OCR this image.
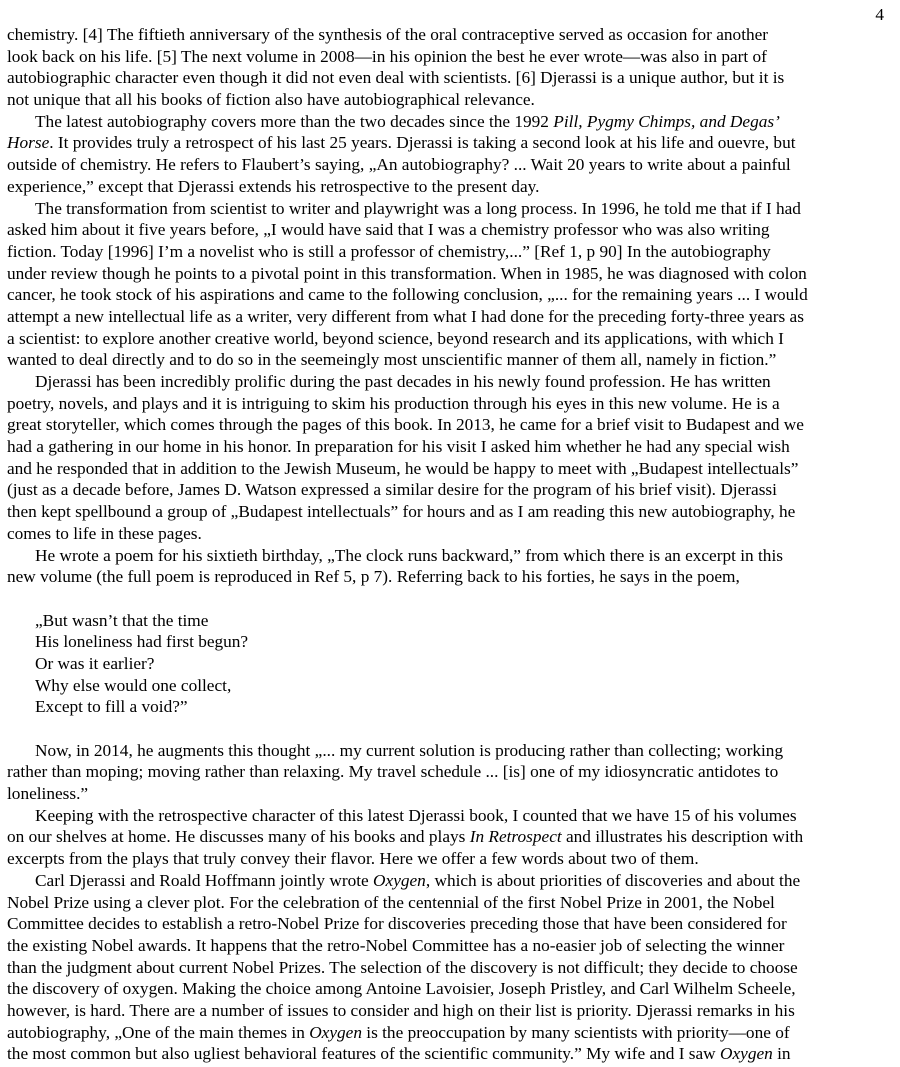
4
chemistry. [4] The fiftieth anniversary of the synthesis of the oral contraceptive served as occasion for another
look back on his life. [5] The next volume in 2008—in his opinion the best he ever wrote—was also in part of
autobiographic character even though it did not even deal with scientists. [6] Djerassi is a unique author, but it is
not unique that all his books of fiction also have autobiographical relevance.
The latest autobiography covers more than the two decades since the 1992 Pill, Pygmy Chimps, and Degas’
Horse. It provides truly a retrospect of his last 25 years. Djerassi is taking a second look at his life and ouevre, but
outside of chemistry. He refers to Flaubert’s saying, „An autobiography? ... Wait 20 years to write about a painful
experience,” except that Djerassi extends his retrospective to the present day.
The transformation from scientist to writer and playwright was a long process. In 1996, he told me that if I had
asked him about it five years before, „I would have said that I was a chemistry professor who was also writing
fiction. Today [1996] I’m a novelist who is still a professor of chemistry,...” [Ref 1, p 90] In the autobiography
under review though he points to a pivotal point in this transformation. When in 1985, he was diagnosed with colon
cancer, he took stock of his aspirations and came to the following conclusion, „... for the remaining years ... I would
attempt a new intellectual life as a writer, very different from what I had done for the preceding forty-three years as
a scientist: to explore another creative world, beyond science, beyond research and its applications, with which I
wanted to deal directly and to do so in the seemeingly most unscientific manner of them all, namely in fiction.”
Djerassi has been incredibly prolific during the past decades in his newly found profession. He has written
poetry, novels, and plays and it is intriguing to skim his production through his eyes in this new volume. He is a
great storyteller, which comes through the pages of this book. In 2013, he came for a brief visit to Budapest and we
had a gathering in our home in his honor. In preparation for his visit I asked him whether he had any special wish
and he responded that in addition to the Jewish Museum, he would be happy to meet with „Budapest intellectuals”
(just as a decade before, James D. Watson expressed a similar desire for the program of his brief visit). Djerassi
then kept spellbound a group of „Budapest intellectuals” for hours and as I am reading this new autobiography, he
comes to life in these pages.
He wrote a poem for his sixtieth birthday, „The clock runs backward,” from which there is an excerpt in this
new volume (the full poem is reproduced in Ref 5, p 7). Referring back to his forties, he says in the poem,
„But wasn’t that the time
His loneliness had first begun?
Or was it earlier?
Why else would one collect,
Except to fill a void?”
Now, in 2014, he augments this thought „... my current solution is producing rather than collecting; working
rather than moping; moving rather than relaxing. My travel schedule ... [is] one of my idiosyncratic antidotes to
loneliness.”
Keeping with the retrospective character of this latest Djerassi book, I counted that we have 15 of his volumes
on our shelves at home. He discusses many of his books and plays In Retrospect and illustrates his description with
excerpts from the plays that truly convey their flavor. Here we offer a few words about two of them.
Carl Djerassi and Roald Hoffmann jointly wrote Oxygen, which is about priorities of discoveries and about the
Nobel Prize using a clever plot. For the celebration of the centennial of the first Nobel Prize in 2001, the Nobel
Committee decides to establish a retro-Nobel Prize for discoveries preceding those that have been considered for
the existing Nobel awards. It happens that the retro-Nobel Committee has a no-easier job of selecting the winner
than the judgment about current Nobel Prizes. The selection of the discovery is not difficult; they decide to choose
the discovery of oxygen. Making the choice among Antoine Lavoisier, Joseph Pristley, and Carl Wilhelm Scheele,
however, is hard. There are a number of issues to consider and high on their list is priority. Djerassi remarks in his
autobiography, „One of the main themes in Oxygen is the preoccupation by many scientists with priority—one of
the most common but also ugliest behavioral features of the scientific community.” My wife and I saw Oxygen in
